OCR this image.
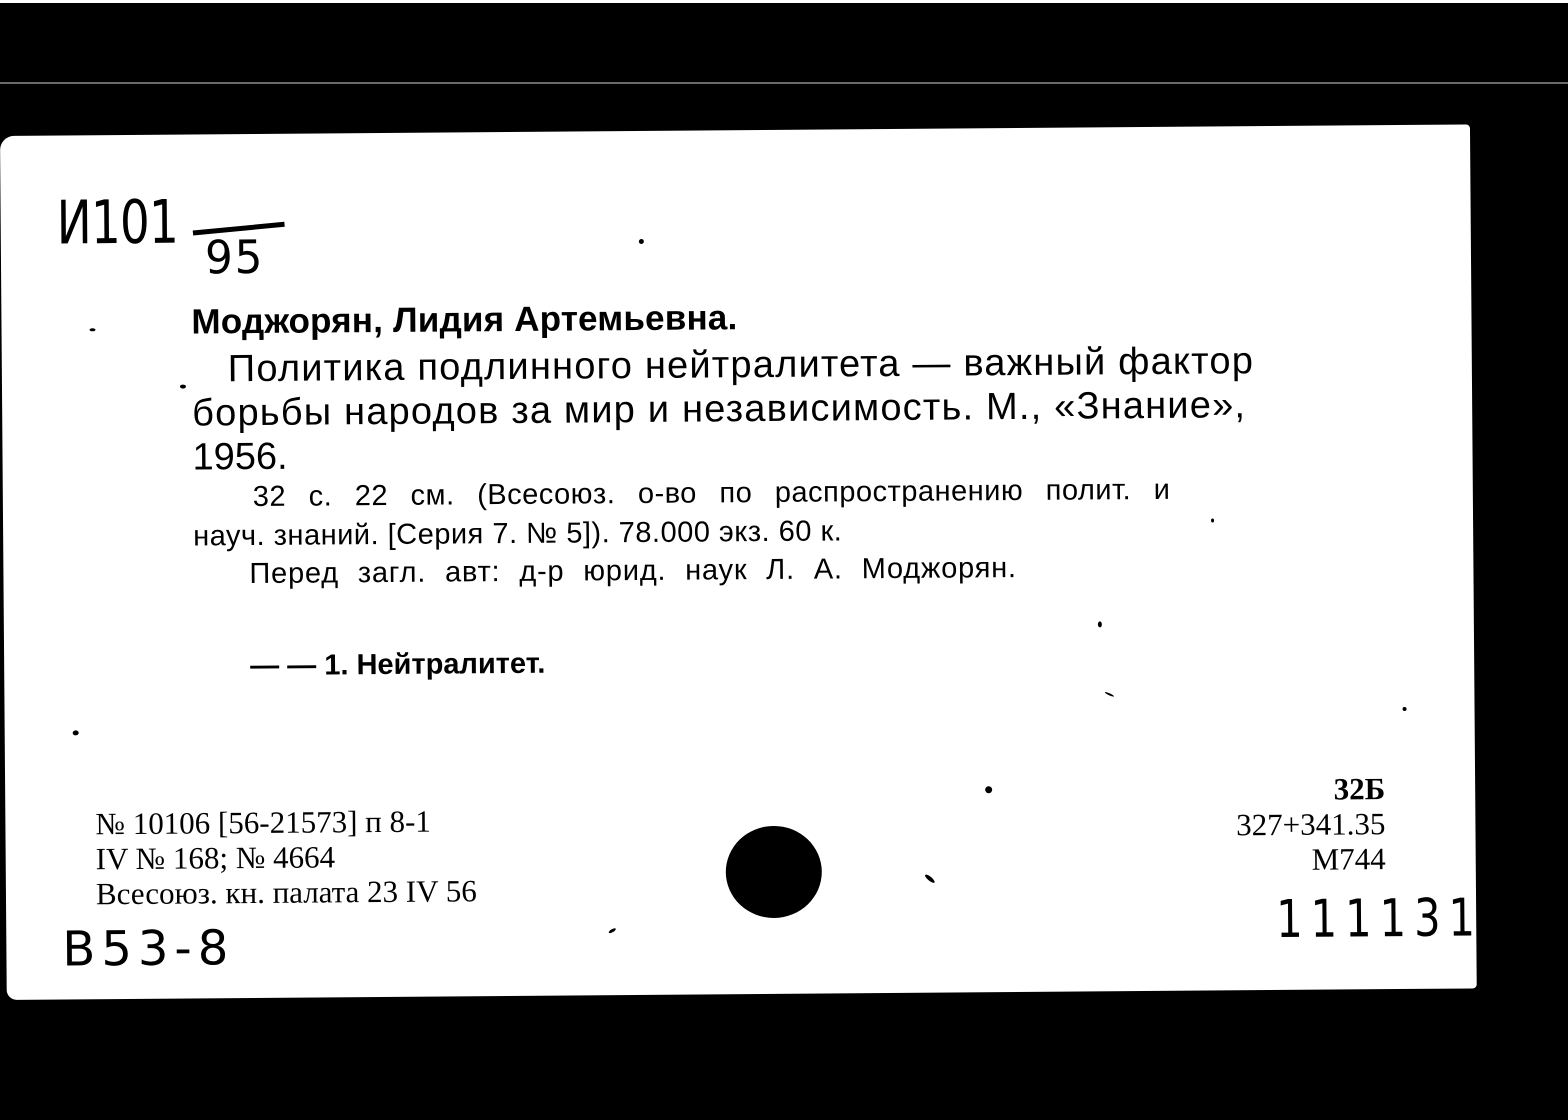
И101 95

Моджорян, Лидия Артемьевна.

Политика подлинного нейтралитета — важный фактор

борьбы народов за мир и независимость. М., «Знание»,

1956.

32 с. 22 см. (Всесоюз. о-во по распространению полит. и

науч. знаний. [Серия 7. № 5]). 78.000 экз. 60 к.

Перед загл. авт: д-р юрид. наук Л. А. Моджорян.

— — 1. Нейтралитет.

№ 10106 [56-21573] п 8-1

IV № 168; № 4664

Всесоюз. кн. палата 23 IV 56

32Б

327+341.35

М744

В53-8	111131
